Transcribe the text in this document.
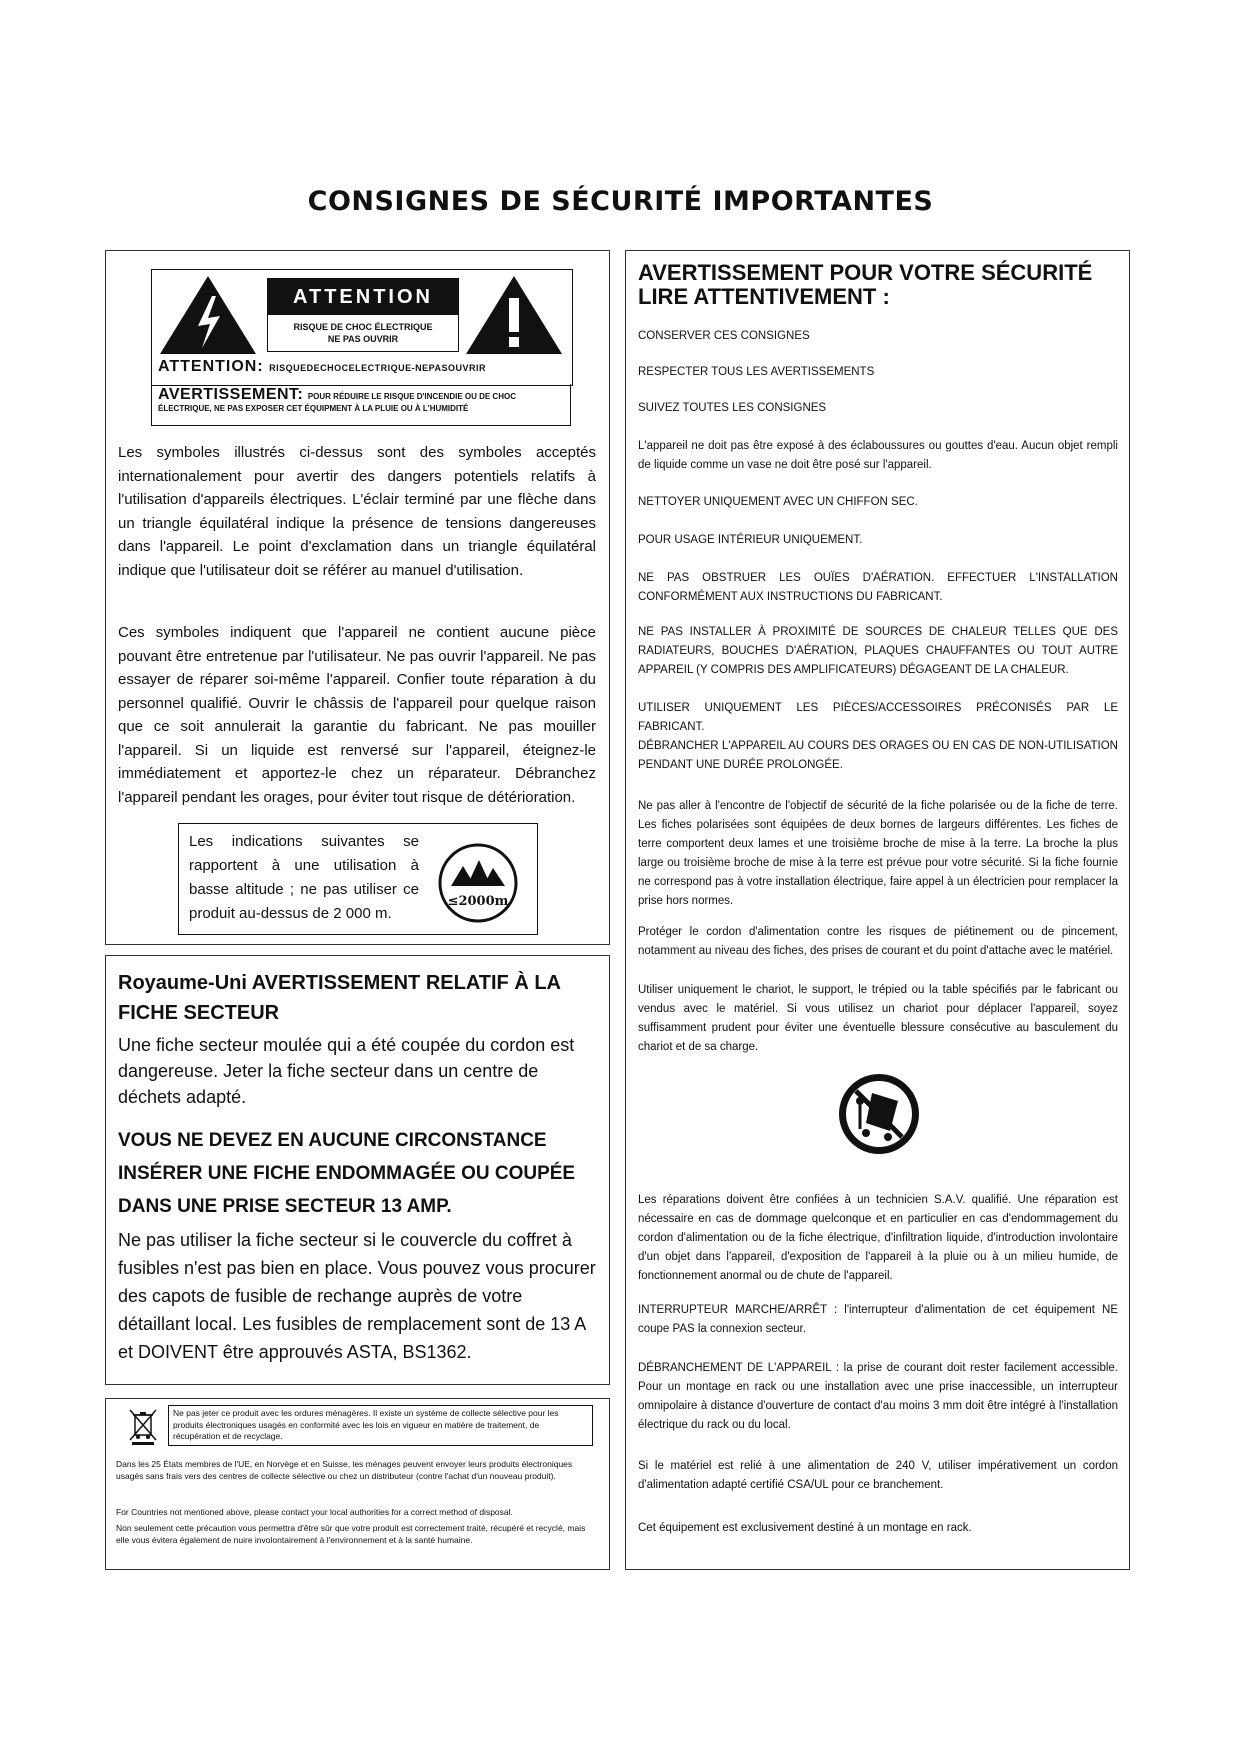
CONSIGNES DE SÉCURITÉ IMPORTANTES
ATTENTION
RISQUE DE CHOC ÉLECTRIQUE
NE PAS OUVRIR
ATTENTION: RISQUEDECHOCELECTRIQUE-NEPASOUVRIR
AVERTISSEMENT: POUR RÉDUIRE LE RISQUE D'INCENDIE OU DE CHOC
ÉLECTRIQUE, NE PAS EXPOSER CET ÉQUIPMENT À LA PLUIE OU À L'HUMIDITÉ
Les symboles illustrés ci-dessus sont des symboles acceptés internationalement pour avertir des dangers potentiels relatifs à l'utilisation d'appareils électriques. L'éclair terminé par une flèche dans un triangle équilatéral indique la présence de tensions dangereuses dans l'appareil. Le point d'exclamation dans un triangle équilatéral indique que l'utilisateur doit se référer au manuel d'utilisation.
Ces symboles indiquent que l'appareil ne contient aucune pièce pouvant être entretenue par l'utilisateur. Ne pas ouvrir l'appareil. Ne pas essayer de réparer soi-même l'appareil. Confier toute réparation à du personnel qualifié. Ouvrir le châssis de l'appareil pour quelque raison que ce soit annulerait la garantie du fabricant. Ne pas mouiller l'appareil. Si un liquide est renversé sur l'appareil, éteignez-le immédiatement et apportez-le chez un réparateur. Débranchez l'appareil pendant les orages, pour éviter tout risque de détérioration.
Les indications suivantes se rapportent à une utilisation à basse altitude ; ne pas utiliser ce produit au-dessus de 2 000 m.
≤2000m
Royaume-Uni AVERTISSEMENT RELATIF À LA FICHE SECTEUR
Une fiche secteur moulée qui a été coupée du cordon est dangereuse. Jeter la fiche secteur dans un centre de déchets adapté.
VOUS NE DEVEZ EN AUCUNE CIRCONSTANCE INSÉRER UNE FICHE ENDOMMAGÉE OU COUPÉE DANS UNE PRISE SECTEUR 13 AMP.
Ne pas utiliser la fiche secteur si le couvercle du coffret à fusibles n'est pas bien en place. Vous pouvez vous procurer des capots de fusible de rechange auprès de votre détaillant local. Les fusibles de remplacement sont de 13 A et DOIVENT être approuvés ASTA, BS1362.
Ne pas jeter ce produit avec les ordures ménagères. Il existe un système de collecte sélective pour les produits électroniques usagés en conformité avec les lois en vigueur en matière de traitement, de récupération et de recyclage.
Dans les 25 États membres de l'UE, en Norvège et en Suisse, les ménages peuvent envoyer leurs produits électroniques usagés sans frais vers des centres de collecte sélective ou chez un distributeur (contre l'achat d'un nouveau produit).
For Countries not mentioned above, please contact your local authorities for a correct method of disposal.
Non seulement cette précaution vous permettra d'être sûr que votre produit est correctement traité, récupéré et recyclé, mais elle vous évitera également de nuire involontairement à l'environnement et à la santé humaine.
AVERTISSEMENT POUR VOTRE SÉCURITÉ LIRE ATTENTIVEMENT :
CONSERVER CES CONSIGNES
RESPECTER TOUS LES AVERTISSEMENTS
SUIVEZ TOUTES LES CONSIGNES
L'appareil ne doit pas être exposé à des éclaboussures ou gouttes d'eau. Aucun objet rempli de liquide comme un vase ne doit être posé sur l'appareil.
NETTOYER UNIQUEMENT AVEC UN CHIFFON SEC.
POUR USAGE INTÉRIEUR UNIQUEMENT.
NE PAS OBSTRUER LES OUÏES D'AÉRATION. EFFECTUER L'INSTALLATION CONFORMÉMENT AUX INSTRUCTIONS DU FABRICANT.
NE PAS INSTALLER À PROXIMITÉ DE SOURCES DE CHALEUR TELLES QUE DES RADIATEURS, BOUCHES D'AÉRATION, PLAQUES CHAUFFANTES OU TOUT AUTRE APPAREIL (Y COMPRIS DES AMPLIFICATEURS) DÉGAGEANT DE LA CHALEUR.
UTILISER UNIQUEMENT LES PIÈCES/ACCESSOIRES PRÉCONISÉS PAR LE FABRICANT.
DÉBRANCHER L'APPAREIL AU COURS DES ORAGES OU EN CAS DE NON-UTILISATION PENDANT UNE DURÉE PROLONGÉE.
Ne pas aller à l'encontre de l'objectif de sécurité de la fiche polarisée ou de la fiche de terre. Les fiches polarisées sont équipées de deux bornes de largeurs différentes. Les fiches de terre comportent deux lames et une troisième broche de mise à la terre. La broche la plus large ou troisième broche de mise à la terre est prévue pour votre sécurité. Si la fiche fournie ne correspond pas à votre installation électrique, faire appel à un électricien pour remplacer la prise hors normes.
Protéger le cordon d'alimentation contre les risques de piétinement ou de pincement, notamment au niveau des fiches, des prises de courant et du point d'attache avec le matériel.
Utiliser uniquement le chariot, le support, le trépied ou la table spécifiés par le fabricant ou vendus avec le matériel. Si vous utilisez un chariot pour déplacer l'appareil, soyez suffisamment prudent pour éviter une éventuelle blessure consécutive au basculement du chariot et de sa charge.
Les réparations doivent être confiées à un technicien S.A.V. qualifié. Une réparation est nécessaire en cas de dommage quelconque et en particulier en cas d'endommagement du cordon d'alimentation ou de la fiche électrique, d'infiltration liquide, d'introduction involontaire d'un objet dans l'appareil, d'exposition de l'appareil à la pluie ou à un milieu humide, de fonctionnement anormal ou de chute de l'appareil.
INTERRUPTEUR MARCHE/ARRÊT : l'interrupteur d'alimentation de cet équipement NE coupe PAS la connexion secteur.
DÉBRANCHEMENT DE L'APPAREIL : la prise de courant doit rester facilement accessible. Pour un montage en rack ou une installation avec une prise inaccessible, un interrupteur omnipolaire à distance d'ouverture de contact d'au moins 3 mm doit être intégré à l'installation électrique du rack ou du local.
Si le matériel est relié à une alimentation de 240 V, utiliser impérativement un cordon d'alimentation adapté certifié CSA/UL pour ce branchement.
Cet équipement est exclusivement destiné à un montage en rack.
